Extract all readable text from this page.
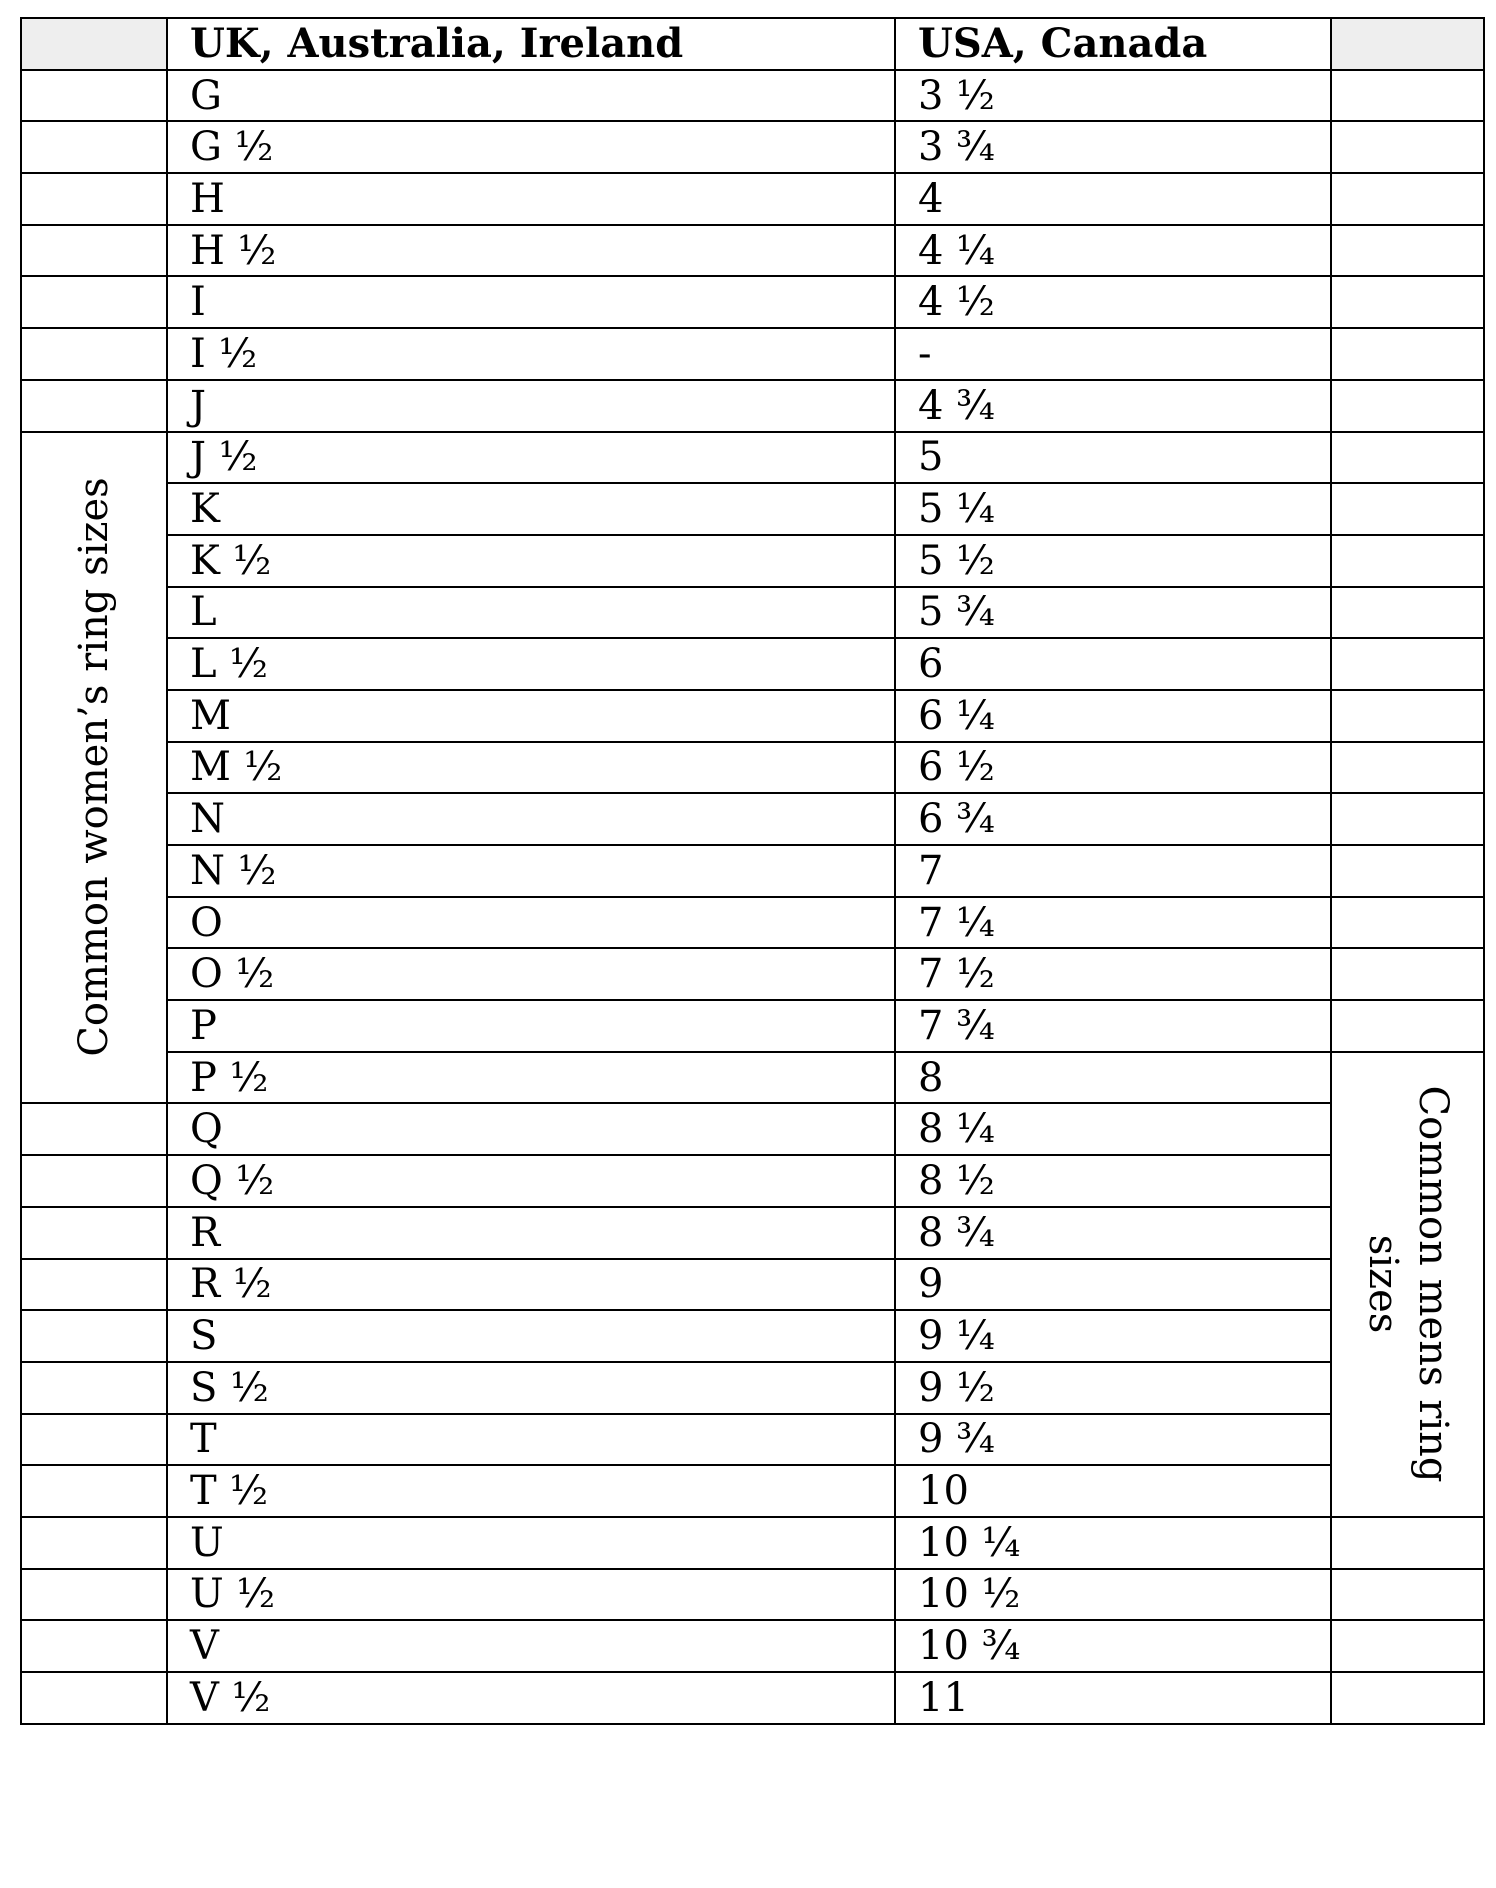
	UK, Australia, Ireland	USA, Canada	
	G	3 ½	
	G ½	3 ¾	
	H	4	
	H ½	4 ¼	
	I	4 ½	
	I ½	-	
	J	4 ¾	

Common women’s ring sizes	J ½	5	
	K	5 ¼	
	K ½	5 ½	
	L	5 ¾	
	L ½	6	
	M	6 ¼	
	M ½	6 ½	
	N	6 ¾	
	N ½	7	
	O	7 ¼	
	O ½	7 ½	
	P	7 ¾	
	P ½	8	Common mens ring
sizes

	Q	8 ¼	
	Q ½	8 ½	
	R	8 ¾	
	R ½	9	
	S	9 ¼	
	S ½	9 ½	
	T	9 ¾	
	T ½	10	
	U	10 ¼	
	U ½	10 ½	
	V	10 ¾	
	V ½	11	
